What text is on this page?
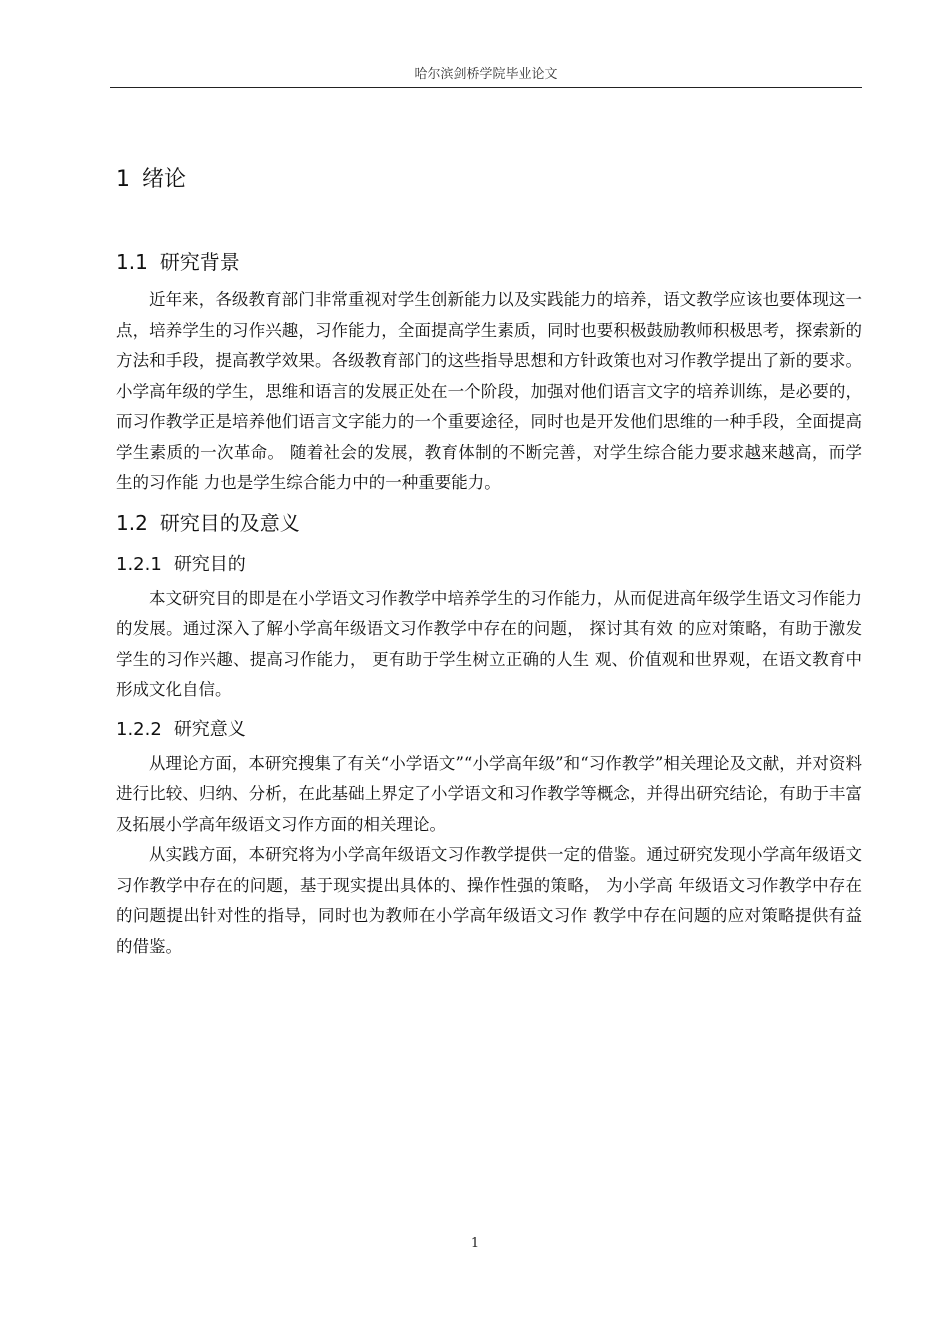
哈尔滨剑桥学院毕业论文
1 绪论
1.1 研究背景

近年来，各级教育部门非常重视对学生创新能力以及实践能力的培养，语文教学应该也要体现这一点，培养学生的习作兴趣，习作能力，全面提高学生素质，同时也要积极鼓励教师积极思考，探索新的方法和手段，提高教学效果。各级教育部门的这些指导思想和方针政策也对习作教学提出了新的要求。小学高年级的学生，思维和语言的发展正处在一个阶段，加强对他们语言文字的培养训练，是必要的，而习作教学正是培养他们语言文字能力的一个重要途径，同时也是开发他们思维的一种手段，全面提高学生素质的一次革命。 随着社会的发展，教育体制的不断完善，对学生综合能力要求越来越高，而学生的习作能 力也是学生综合能力中的一种重要能力。

1.2 研究目的及意义
1.2.1 研究目的

本文研究目的即是在小学语文习作教学中培养学生的习作能力，从而促进高年级学生语文习作能力的发展。通过深入了解小学高年级语文习作教学中存在的问题， 探讨其有效 的应对策略，有助于激发学生的习作兴趣、提高习作能力， 更有助于学生树立正确的人生 观、价值观和世界观，在语文教育中形成文化自信。

1.2.2 研究意义

从理论方面，本研究搜集了有关“小学语文”“小学高年级”和“习作教学”相关理论及文献，并对资料进行比较、归纳、分析，在此基础上界定了小学语文和习作教学等概念，并得出研究结论，有助于丰富及拓展小学高年级语文习作方面的相关理论。

从实践方面，本研究将为小学高年级语文习作教学提供一定的借鉴。通过研究发现小学高年级语文习作教学中存在的问题，基于现实提出具体的、操作性强的策略， 为小学高 年级语文习作教学中存在的问题提出针对性的指导，同时也为教师在小学高年级语文习作 教学中存在问题的应对策略提供有益的借鉴。

1
